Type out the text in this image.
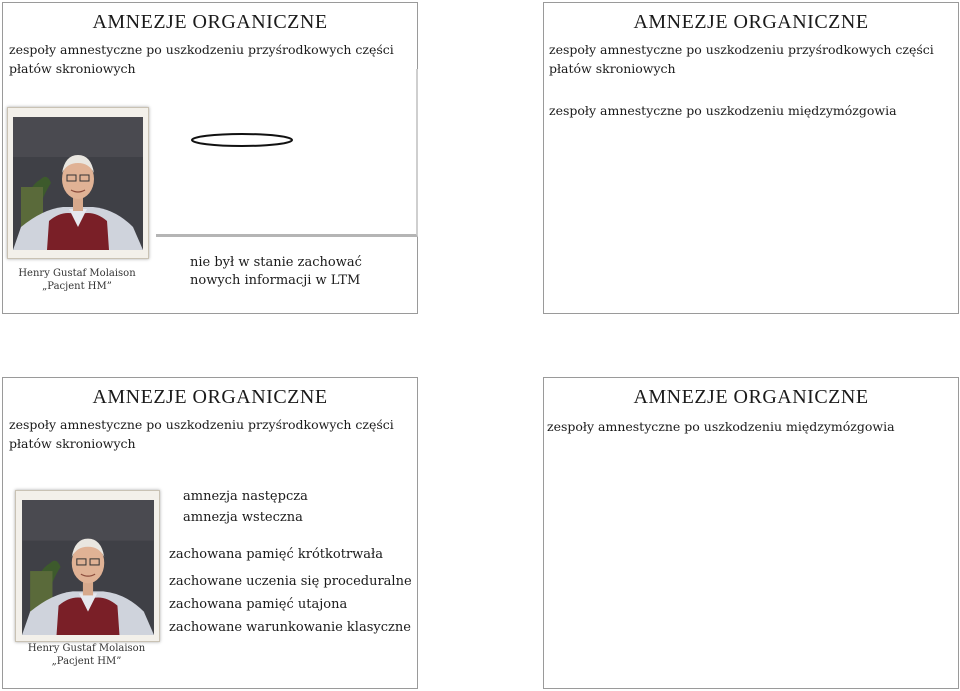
AMNEZJE ORGANICZNE
zespoły amnestyczne po uszkodzeniu przyśrodkowych części
płatów skroniowych
Henry Gustaf Molaison
„Pacjent HM”
nie był w stanie zachować
nowych informacji w LTM
AMNEZJE ORGANICZNE
zespoły amnestyczne po uszkodzeniu przyśrodkowych części
płatów skroniowych
zespoły amnestyczne po uszkodzeniu międzymózgowia
AMNEZJE ORGANICZNE
zespoły amnestyczne po uszkodzeniu przyśrodkowych części
płatów skroniowych
Henry Gustaf Molaison
„Pacjent HM”
amnezja następcza
amnezja wsteczna
zachowana pamięć krótkotrwała
zachowane uczenia się proceduralne
zachowana pamięć utajona
zachowane warunkowanie klasyczne
AMNEZJE ORGANICZNE
zespoły amnestyczne po uszkodzeniu międzymózgowia
